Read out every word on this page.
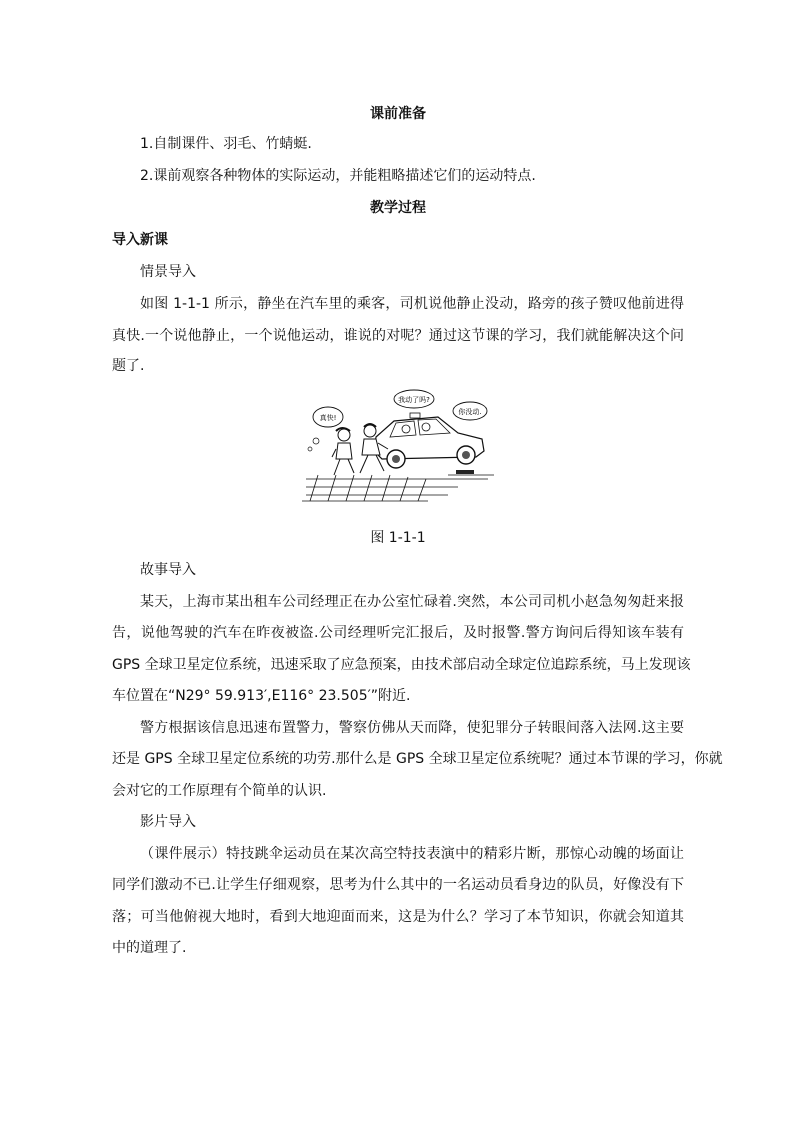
课前准备
1.自制课件、羽毛、竹蜻蜓.
2.课前观察各种物体的实际运动，并能粗略描述它们的运动特点.
教学过程
导入新课
情景导入
如图 1-1-1 所示，静坐在汽车里的乘客，司机说他静止没动，路旁的孩子赞叹他前进得
真快.一个说他静止，一个说他运动，谁说的对呢？通过这节课的学习，我们就能解决这个问
题了.
我动了吗?
你没动.
真快!
图 1-1-1
故事导入
某天，上海市某出租车公司经理正在办公室忙碌着.突然，本公司司机小赵急匆匆赶来报
告，说他驾驶的汽车在昨夜被盗.公司经理听完汇报后，及时报警.警方询问后得知该车装有
GPS 全球卫星定位系统，迅速采取了应急预案，由技术部启动全球定位追踪系统，马上发现该
车位置在“N29° 59.913′,E116° 23.505′”附近.
警方根据该信息迅速布置警力，警察仿佛从天而降，使犯罪分子转眼间落入法网.这主要
还是 GPS 全球卫星定位系统的功劳.那什么是 GPS 全球卫星定位系统呢？通过本节课的学习，你就
会对它的工作原理有个简单的认识.
影片导入
（课件展示）特技跳伞运动员在某次高空特技表演中的精彩片断，那惊心动魄的场面让
同学们激动不已.让学生仔细观察，思考为什么其中的一名运动员看身边的队员，好像没有下
落；可当他俯视大地时，看到大地迎面而来，这是为什么？学习了本节知识，你就会知道其
中的道理了.
